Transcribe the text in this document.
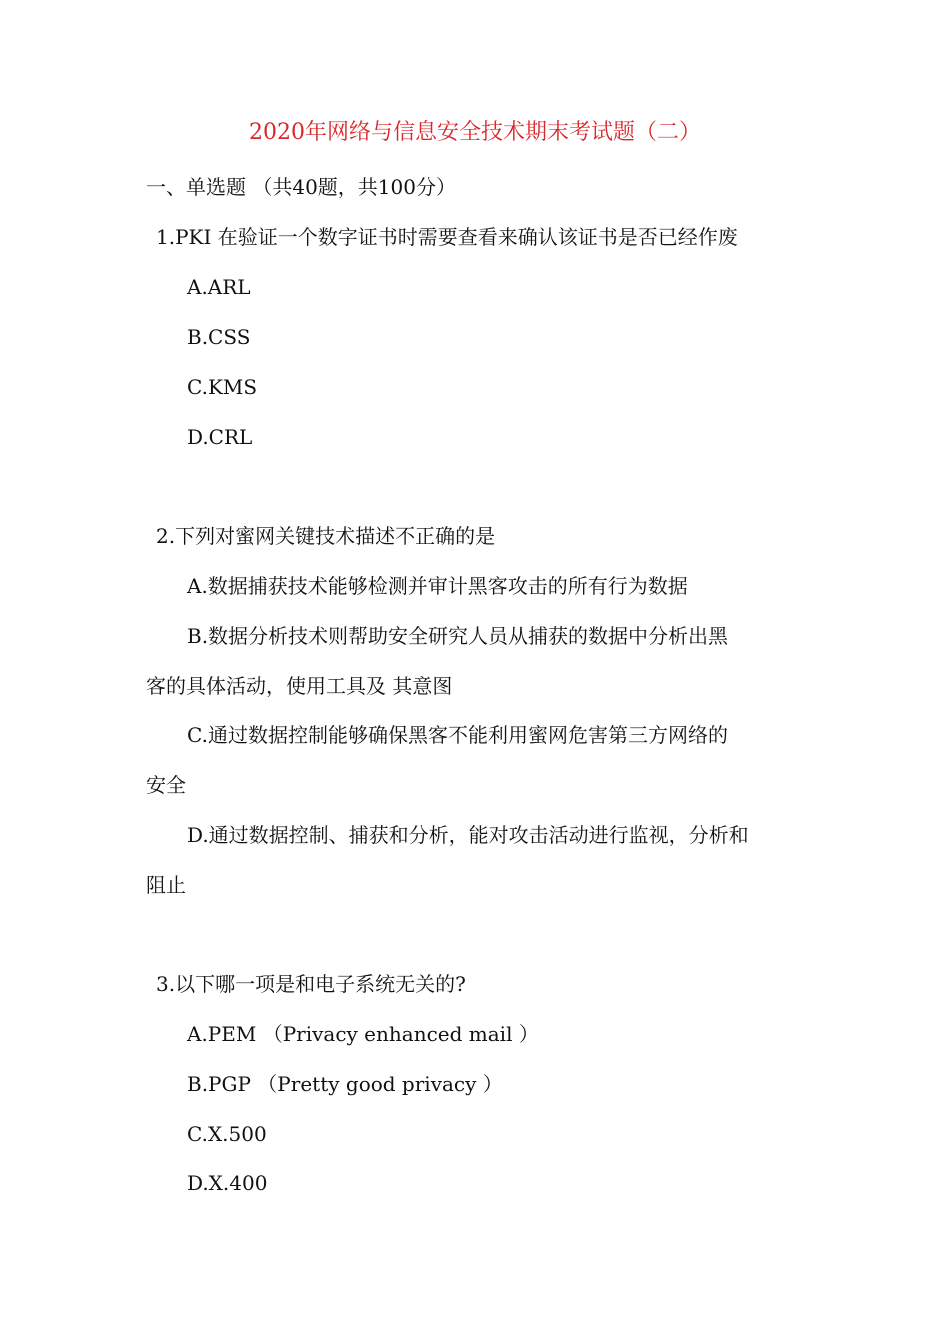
2020年网络与信息安全技术期末考试题（二）

一、单选题 （共40题，共100分）

1.PKI 在验证一个数字证书时需要查看来确认该证书是否已经作废

A.ARL

B.CSS

C.KMS

D.CRL

2.下列对蜜网关键技术描述不正确的是

A.数据捕获技术能够检测并审计黑客攻击的所有行为数据

B.数据分析技术则帮助安全研究人员从捕获的数据中分析出黑

客的具体活动，使用工具及 其意图

C.通过数据控制能够确保黑客不能利用蜜网危害第三方网络的

安全

D.通过数据控制、捕获和分析，能对攻击活动进行监视，分析和

阻止

3.以下哪一项是和电子系统无关的?

A.PEM （Privacy enhanced mail ）

B.PGP （Pretty good privacy ）

C.X.500

D.X.400
